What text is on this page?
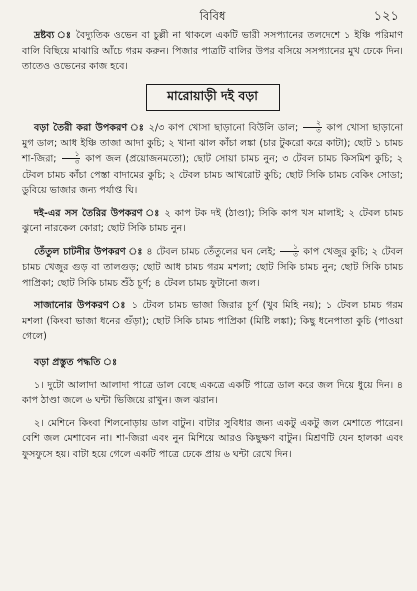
বিবিধ	১২১

দ্রষ্টব্য ঃ বৈদ্যুতিক ওভেন বা চুল্লী না থাকলে একটি ভারী সসপ্যানের তলদেশে ১ ইঞ্চি পরিমাণ বালি বিছিয়ে মাঝারি আঁচে গরম করুন। পিজার পাত্রটি বালির উপর বসিয়ে সসপ্যানের মুখ ঢেকে দিন। তাতেও ওভেনের কাজ হবে।

মারোয়াড়ী দই বড়া

বড়া তৈরী করা উপকরণ ঃ ২/৩ কাপ খোসা ছাড়ানো বিউলি ডাল; $\frac{২}{৩}$ কাপ খোসা ছাড়ানো মুগ ডাল; আধ ইঞ্চি তাজা আদা কুচি; ২ খানা ঝাল কাঁচা লঙ্কা (চার টুকরো করে কাটা); ছোট ১ চামচ শা-জিরা; $\frac{১}{৩}$ কাপ জল (প্রয়োজনমতো); ছোট সোয়া চামচ নুন; ৩ টেবল চামচ কিসমিশ কুচি; ২ টেবল চামচ কাঁচা পেস্তা বাদামের কুচি; ২ টেবল চামচ আখরোট কুচি; ছোট সিকি চামচ বেকিং সোডা; ডুবিয়ে ভাজার জন্য পর্যাপ্ত ঘি।

দই-এর সস তৈরির উপকরণ ঃ ২ কাপ টক দই (ঠাণ্ডা); সিকি কাপ খস মালাই; ২ টেবল চামচ ঝুনো নারকেল কোরা; ছোট সিকি চামচ নুন।

তেঁতুল চাটনীর উপকরণ ঃ ৪ টেবল চামচ তেঁতুলের ঘন লেই; $\frac{১}{৩}$ কাপ খেজুর কুচি; ২ টেবল চামচ খেজুর গুড় বা তালগুড়; ছোট আধ চামচ গরম মশলা; ছোট সিকি চামচ নুন; ছোট সিকি চামচ পাপ্রিকা; ছোট সিকি চামচ শুঁঠ চূর্ণ; ৪ টেবল চামচ ফুটানো জল।

সাজানোর উপকরণ ঃ ১ টেবল চামচ ভাজা জিরার চূর্ণ (খুব মিহি নয়); ১ টেবল চামচ গরম মশলা (কিংবা ভাজা ধনের গুঁড়া); ছোট সিকি চামচ পাপ্রিকা (মিষ্টি লঙ্কা); কিছু ধনেপাতা কুচি (পাওয়া গেলে)

বড়া প্রস্তুত পদ্ধতি ঃ

১। দুটো আলাদা আলাদা পাত্রে ডাল বেছে একত্রে একটি পাত্রে ডাল করে জল দিয়ে ধুয়ে দিন। ৪ কাপ ঠাণ্ডা জলে ৬ ঘন্টা ভিজিয়ে রাখুন। জল ঝরান।

২। মেশিনে কিংবা শিলনোড়ায় ডাল বাটুন। বাটার সুবিধার জন্য একটু একটু জল মেশাতে পারেন। বেশি জল মেশাবেন না। শা-জিরা এবং নুন মিশিয়ে আরও কিছুক্ষণ বাটুন। মিশ্রণটি যেন হালকা এবং ফুসফুসে হয়। বাটা হয়ে গেলে একটি পাত্রে ঢেকে প্রায় ৬ ঘন্টা রেখে দিন।
